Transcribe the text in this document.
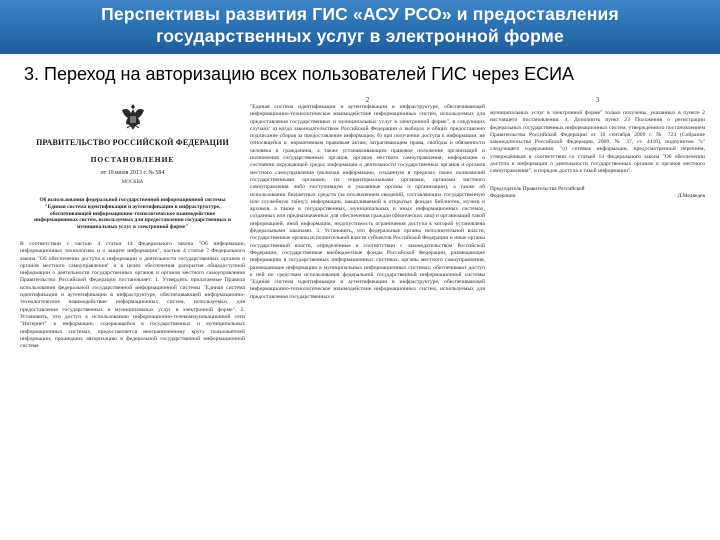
Перспективы развития ГИС «АСУ РСО» и предоставления
государственных услуг в электронной форме
3. Переход на авторизацию всех пользователей ГИС через ЕСИА
ПРАВИТЕЛЬСТВО РОССИЙСКОЙ ФЕДЕРАЦИИ
ПОСТАНОВЛЕНИЕ
от 10 июля 2013 г. № 584
МОСКВА
Об использовании федеральной государственной информационной системы "Единая система идентификации и аутентификации в инфраструктуре, обеспечивающей информационно-технологическое взаимодействие информационных систем, используемых для предоставления государственных и муниципальных услуг в электронной форме"

В соответствии с частью 4 статьи 14 Федерального закона "Об информации, информационных технологиях и о защите информации", частью 4 статьи 7 Федерального закона "Об обеспечении доступа к информации о деятельности государственных органов и органов местного самоуправления" и в целях обеспечения раскрытия общедоступной информации о деятельности государственных органов и органов местного самоуправления Правительство Российской Федерации постановляет: 1. Утвердить прилагаемые Правила использования федеральной государственной информационной системы "Единая система идентификации и аутентификации в инфраструктуре, обеспечивающей информационно-технологическое взаимодействие информационных систем, используемых для предоставления государственных и муниципальных услуг в электронной форме". 2. Установить, что доступ к использованию информационно-телекоммуникационной сети "Интернет" к информации, содержащейся в государственных и муниципальных информационных системах, предоставляется неограниченному кругу пользователей информации, прошедших авторизацию в федеральной государственной информационной системе

2

"Единая система идентификации и аутентификации в инфраструктуре, обеспечивающей информационно-технологическое взаимодействие информационных систем, используемых для предоставления государственных и муниципальных услуг в электронной форме", в следующих случаях: а) когда законодательством Российской Федерации о выборах и общих предоставлено подписание сборов за предоставление информации; б) при получении доступа к информации, не относящейся к: нормативным правовым актам, затрагивающим права, свободы и обязанности человека и гражданина, а также устанавливающим правовое положение организаций и полномочия государственных органов, органов местного самоуправления; информации о состоянии окружающей среды; информации о деятельности государственных органов и органов местного самоуправления (включая информацию, созданную в пределах своих полномочий государственными органами, их территориальными органами, органами местного самоуправления либо поступившую в указанные органы и организации), а также об использовании бюджетных средств (за исключением сведений, составляющих государственную или служебную тайну); информации, накапливаемой в открытых фондах библиотек, музеев и архивов, а также в государственных, муниципальных и иных информационных системах, созданных или предназначенных для обеспечения граждан (физических лиц) и организаций такой информацией; иной информации, недопустимость ограничения доступа к которой установлена федеральными законами. 3. Установить, что федеральные органы исполнительной власти, государственные органы исполнительной власти субъектов Российской Федерации и иные органы государственной власти, определённые в соответствии с законодательством Российской Федерации, государственные внебюджетные фонды Российской Федерации, размещающие информацию в государственных информационных системах, органы местного самоуправления, размещающие информацию в муниципальных информационных системах, обеспечивают доступ к ней по средствам использования федеральной государственной информационной системы "Единая система идентификации и аутентификации в инфраструктуре, обеспечивающей информационно-технологическое взаимодействие информационных систем, используемых для предоставления государственных и

3

муниципальных услуг в электронной форме" только получены, указанных в пункте 2 настоящего постановления. 4. Дополнить пункт 23 Положения о регистрации федеральных государственных информационных систем, утверждённого постановлением Правительства Российской Федерации от 10 сентября 2009 г. № 723 (Собрание законодательства Российской Федерации, 2009, № 37, ст. 4416), подпунктом "ч" следующего содержания: "ч) сетевые информации, предусмотренной перечнем, утверждённым в соответствии со статьей 14 Федерального закона "Об обеспечении доступа к информации о деятельности государственных органов и органов местного самоуправления", и порядок доступа к такой информации".

Председатель Правительства Российской Федерации	Д.Медведев
